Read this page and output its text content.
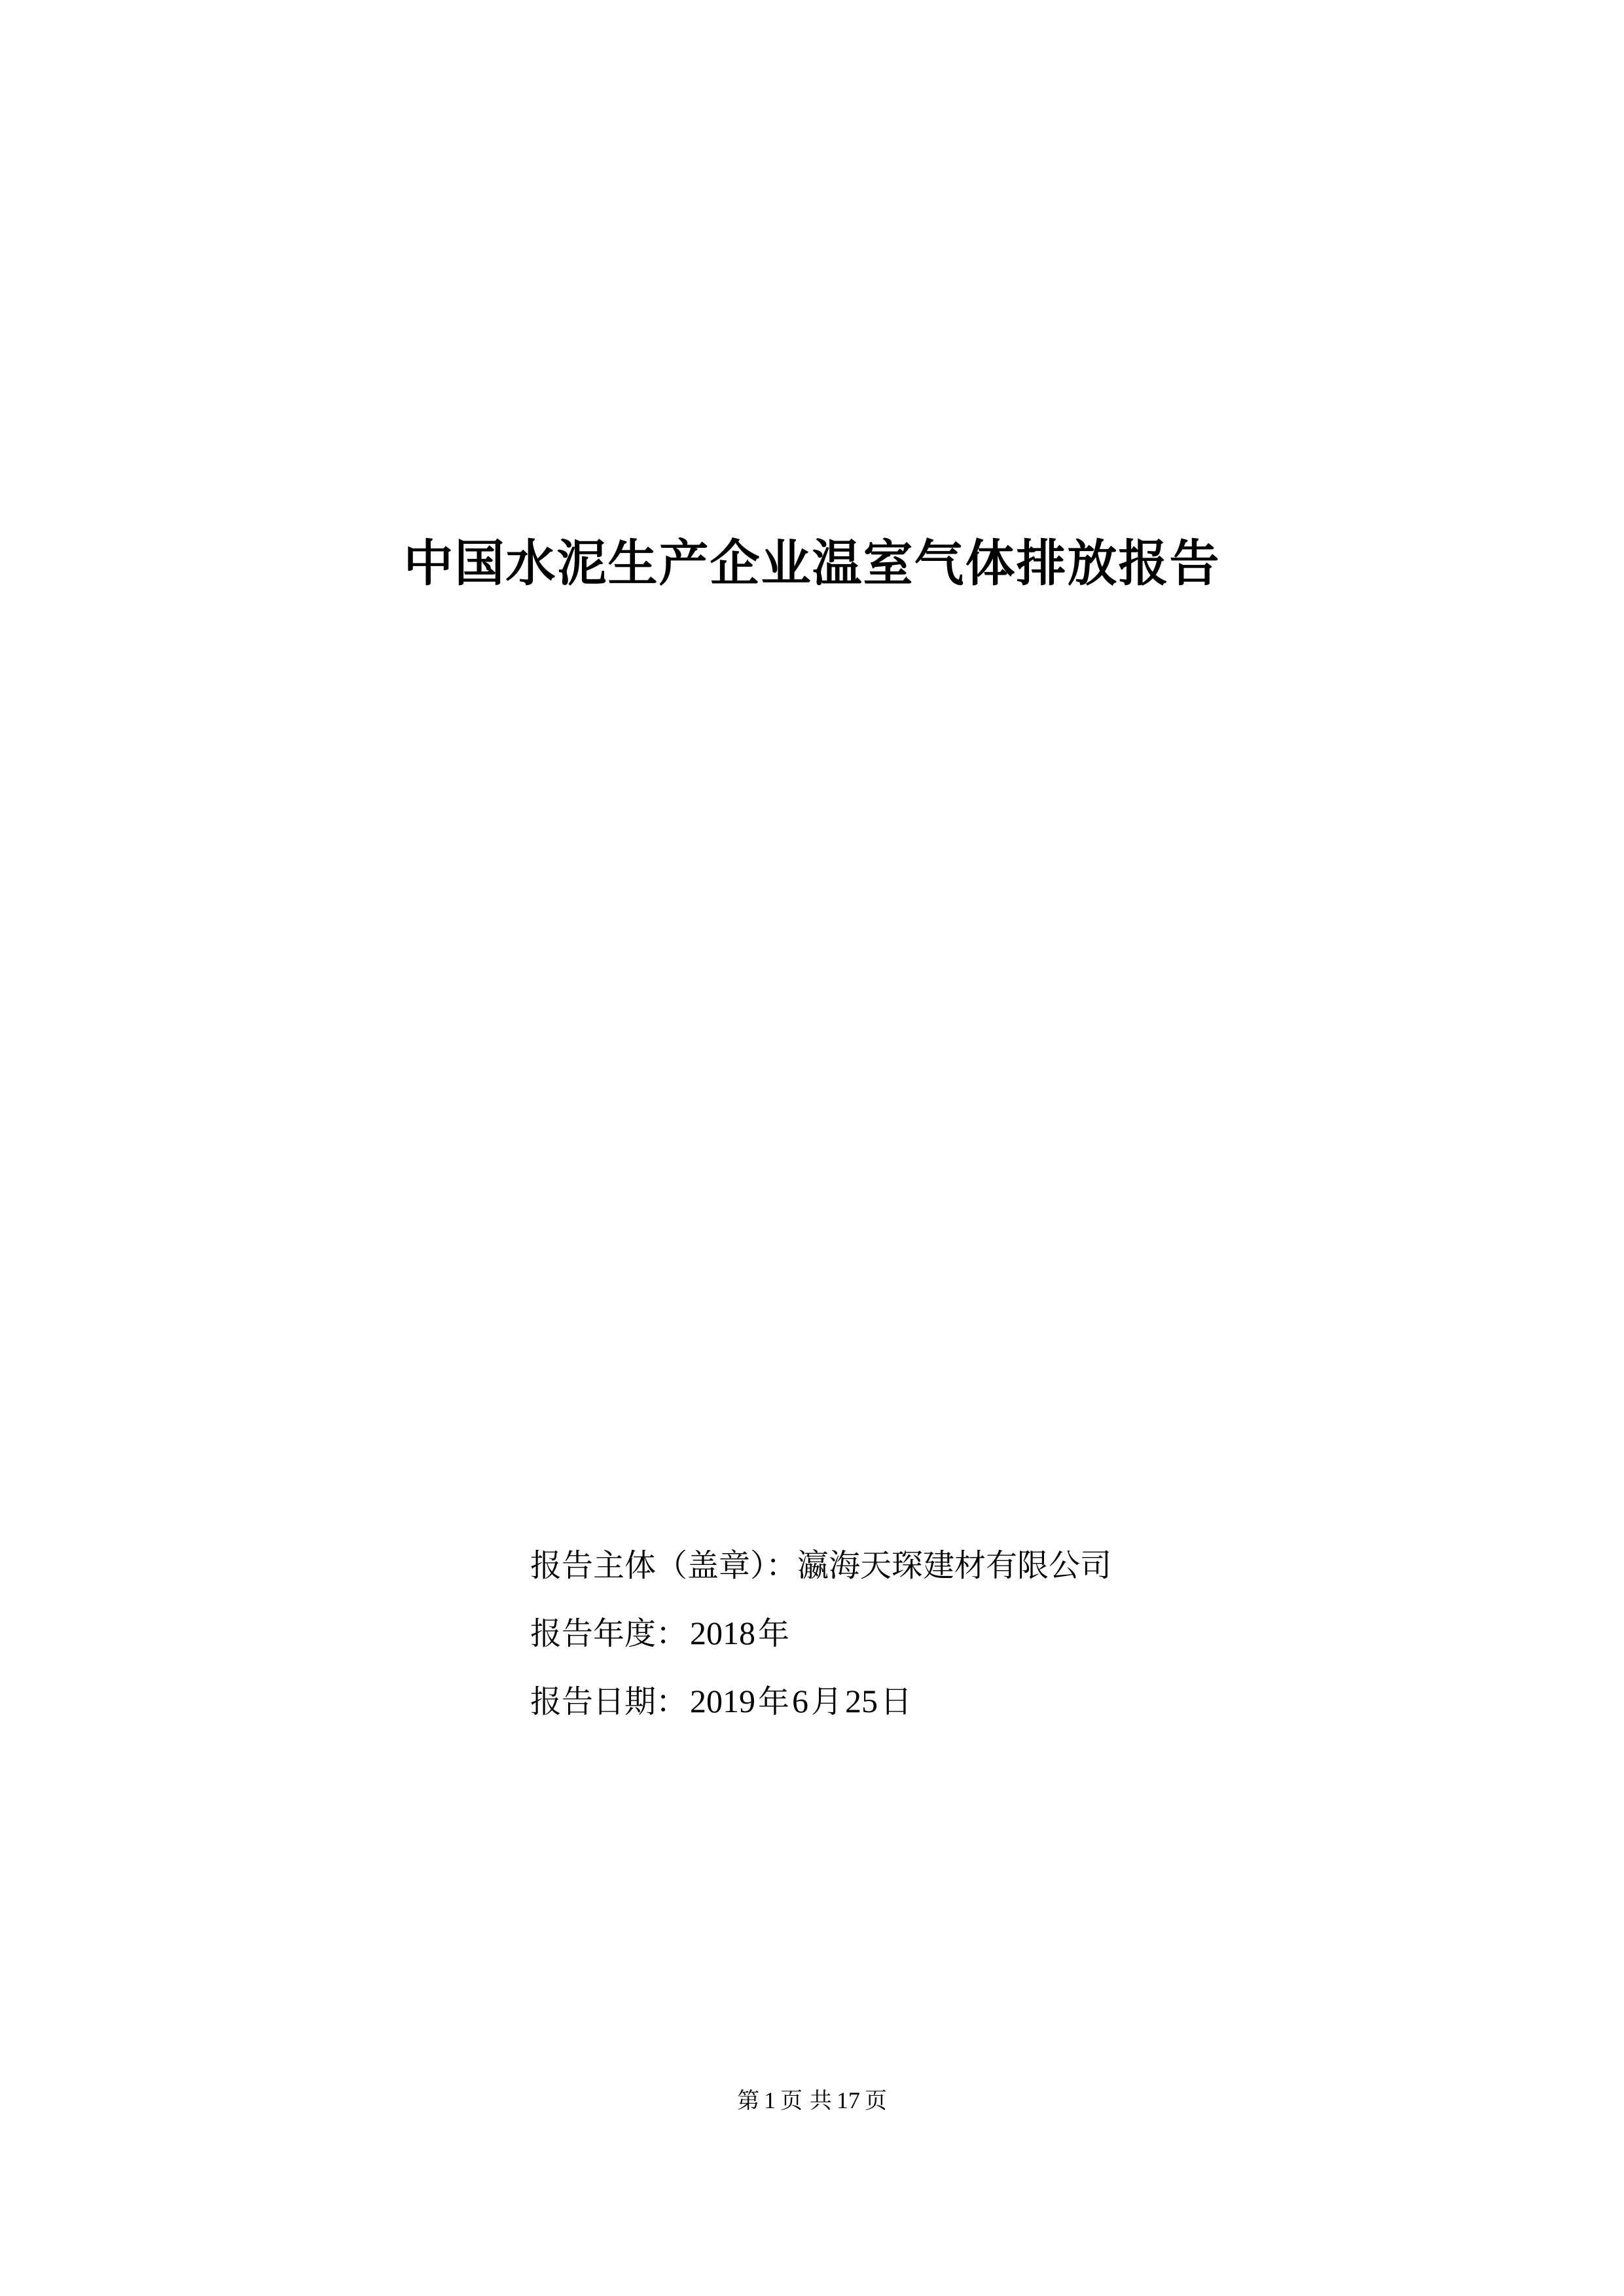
中国水泥生产企业温室气体排放报告
报告主体（盖章）：瀛海天琛建材有限公司
报告年度：2018年
报告日期：2019年6月25日
第 1 页 共 17 页
